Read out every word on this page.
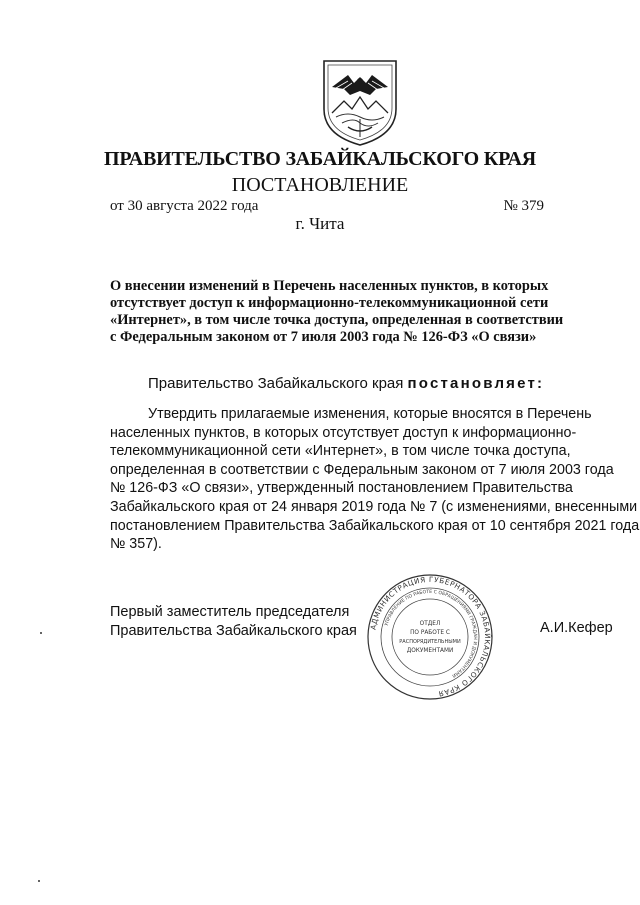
ПРАВИТЕЛЬСТВО ЗАБАЙКАЛЬСКОГО КРАЯ
ПОСТАНОВЛЕНИЕ
от 30 августа 2022 года	№ 379
г. Чита
О внесении изменений в Перечень населенных пунктов, в которых
отсутствует доступ к информационно-телекоммуникационной сети
«Интернет», в том числе точка доступа, определенная в соответствии
с Федеральным законом от 7 июля 2003 года № 126-ФЗ «О связи»
Правительство Забайкальского края постановляет:
Утвердить прилагаемые изменения, которые вносятся в Перечень
населенных пунктов, в которых отсутствует доступ к информационно-
телекоммуникационной сети «Интернет», в том числе точка доступа,
определенная в соответствии с Федеральным законом от 7 июля 2003 года
№ 126-ФЗ «О связи», утвержденный постановлением Правительства
Забайкальского края от 24 января 2019 года № 7 (с изменениями, внесенными
постановлением Правительства Забайкальского края от 10 сентября 2021 года
№ 357).
Первый заместитель председателя
Правительства Забайкальского края	А.И.Кефер
АДМИНИСТРАЦИЯ ГУБЕРНАТОРА ЗАБАЙКАЛЬСКОГО КРАЯ
УПРАВЛЕНИЕ ПО РАБОТЕ С ОБРАЩЕНИЯМИ ГРАЖДАН И ДОКУМЕНТАМИ
ОТДЕЛ
ПО РАБОТЕ С
РАСПОРЯДИТЕЛЬНЫМИ
ДОКУМЕНТАМИ
